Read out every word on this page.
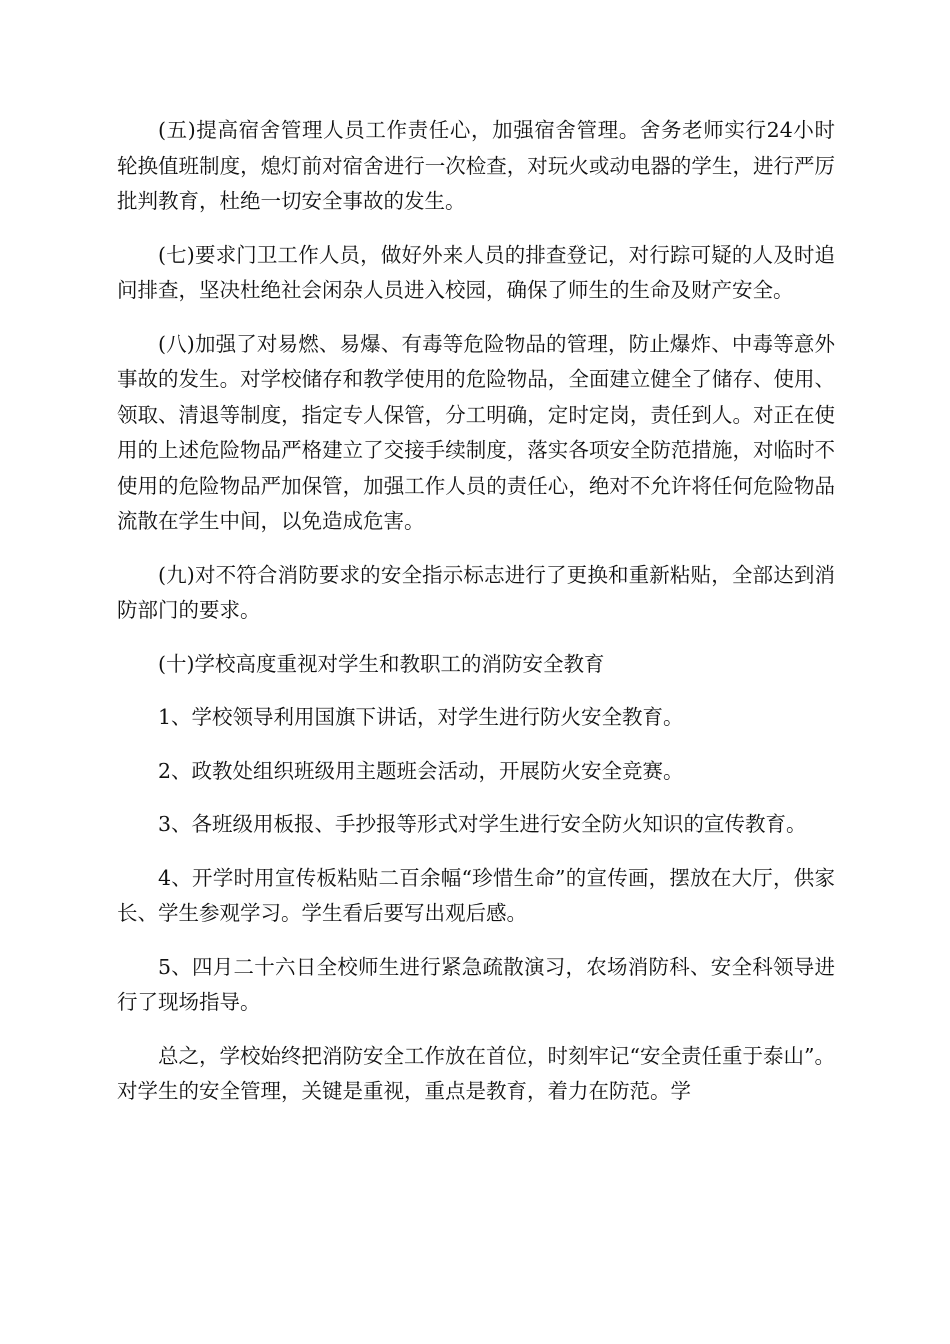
(五)提高宿舍管理人员工作责任心，加强宿舍管理。舍务老师实行24小时轮换值班制度，熄灯前对宿舍进行一次检查，对玩火或动电器的学生，进行严厉批判教育，杜绝一切安全事故的发生。

(七)要求门卫工作人员，做好外来人员的排查登记，对行踪可疑的人及时追问排查，坚决杜绝社会闲杂人员进入校园，确保了师生的生命及财产安全。

(八)加强了对易燃、易爆、有毒等危险物品的管理，防止爆炸、中毒等意外事故的发生。对学校储存和教学使用的危险物品，全面建立健全了储存、使用、领取、清退等制度，指定专人保管，分工明确，定时定岗，责任到人。对正在使用的上述危险物品严格建立了交接手续制度，落实各项安全防范措施，对临时不使用的危险物品严加保管，加强工作人员的责任心，绝对不允许将任何危险物品流散在学生中间，以免造成危害。

(九)对不符合消防要求的安全指示标志进行了更换和重新粘贴，全部达到消防部门的要求。

(十)学校高度重视对学生和教职工的消防安全教育

1、学校领导利用国旗下讲话，对学生进行防火安全教育。

2、政教处组织班级用主题班会活动，开展防火安全竞赛。

3、各班级用板报、手抄报等形式对学生进行安全防火知识的宣传教育。

4、开学时用宣传板粘贴二百余幅“珍惜生命”的宣传画，摆放在大厅，供家长、学生参观学习。学生看后要写出观后感。

5、四月二十六日全校师生进行紧急疏散演习，农场消防科、安全科领导进行了现场指导。

总之，学校始终把消防安全工作放在首位，时刻牢记“安全责任重于泰山”。对学生的安全管理，关键是重视，重点是教育，着力在防范。学
